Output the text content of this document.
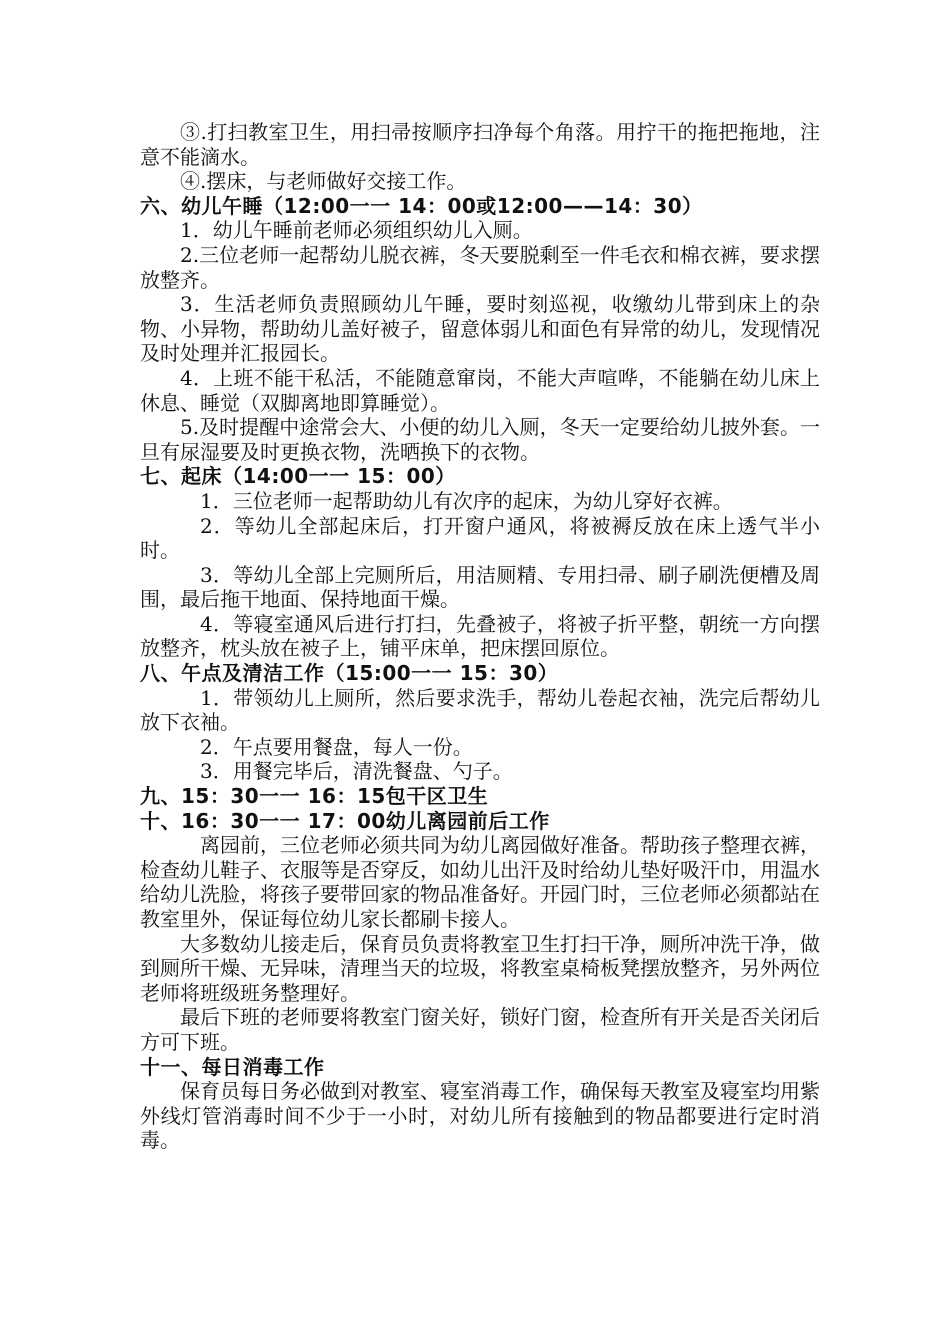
③.打扫教室卫生，用扫帚按顺序扫净每个角落。用拧干的拖把拖地，注意不能滴水。

④.摆床，与老师做好交接工作。

六、幼儿午睡（12:00一一 14：00或12:00——14：30）

1．幼儿午睡前老师必须组织幼儿入厕。

2.三位老师一起帮幼儿脱衣裤，冬天要脱剩至一件毛衣和棉衣裤，要求摆放整齐。

3．生活老师负责照顾幼儿午睡，要时刻巡视，收缴幼儿带到床上的杂物、小异物，帮助幼儿盖好被子，留意体弱儿和面色有异常的幼儿，发现情况及时处理并汇报园长。

4．上班不能干私活，不能随意窜岗，不能大声喧哗，不能躺在幼儿床上休息、睡觉（双脚离地即算睡觉）。

5.及时提醒中途常会大、小便的幼儿入厕，冬天一定要给幼儿披外套。一旦有尿湿要及时更换衣物，洗晒换下的衣物。

七、起床（14:00一一 15：00）

1．三位老师一起帮助幼儿有次序的起床，为幼儿穿好衣裤。

2．等幼儿全部起床后，打开窗户通风，将被褥反放在床上透气半小时。

3．等幼儿全部上完厕所后，用洁厕精、专用扫帚、刷子刷洗便槽及周围，最后拖干地面、保持地面干燥。

4．等寝室通风后进行打扫，先叠被子，将被子折平整，朝统一方向摆放整齐，枕头放在被子上，铺平床单，把床摆回原位。

八、午点及清洁工作（15:00一一 15：30）

1．带领幼儿上厕所，然后要求洗手，帮幼儿卷起衣袖，洗完后帮幼儿放下衣袖。

2．午点要用餐盘，每人一份。

3．用餐完毕后，清洗餐盘、勺子。

九、15：30一一 16：15包干区卫生

十、16：30一一 17：00幼儿离园前后工作

离园前，三位老师必须共同为幼儿离园做好准备。帮助孩子整理衣裤，检查幼儿鞋子、衣服等是否穿反，如幼儿出汗及时给幼儿垫好吸汗巾，用温水给幼儿洗脸，将孩子要带回家的物品准备好。开园门时，三位老师必须都站在教室里外，保证每位幼儿家长都刷卡接人。

大多数幼儿接走后，保育员负责将教室卫生打扫干净，厕所冲洗干净，做到厕所干燥、无异味，清理当天的垃圾，将教室桌椅板凳摆放整齐，另外两位老师将班级班务整理好。

最后下班的老师要将教室门窗关好，锁好门窗，检查所有开关是否关闭后方可下班。

十一、每日消毒工作

保育员每日务必做到对教室、寝室消毒工作，确保每天教室及寝室均用紫外线灯管消毒时间不少于一小时，对幼儿所有接触到的物品都要进行定时消毒。
